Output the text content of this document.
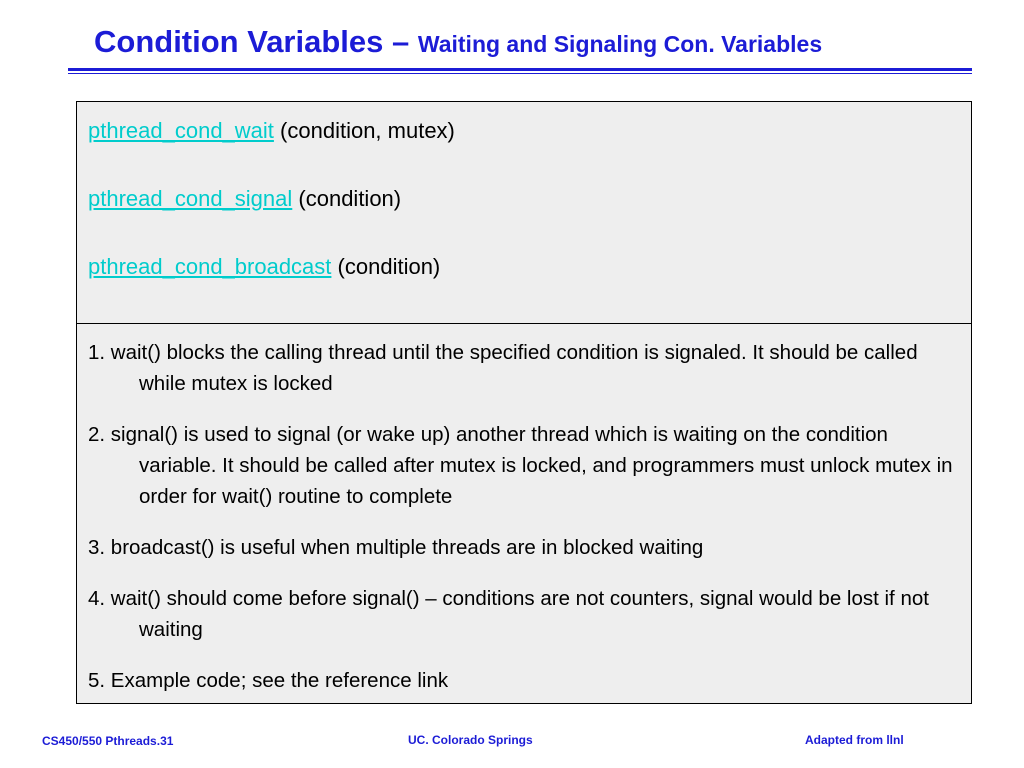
Condition Variables – Waiting and Signaling Con. Variables
pthread_cond_wait (condition, mutex)
pthread_cond_signal (condition)
pthread_cond_broadcast (condition)
1. wait() blocks the calling thread until the specified condition is signaled. It should be called while mutex is locked
2. signal() is used to signal (or wake up) another thread which is waiting on the condition variable. It should be called after mutex is locked, and programmers must unlock mutex in order for wait() routine to complete
3. broadcast() is useful when multiple threads are in blocked waiting
4. wait() should come before signal() – conditions are not counters, signal would be lost if not waiting
5. Example code; see the reference link
CS450/550 Pthreads.31	UC. Colorado Springs	Adapted from llnl
